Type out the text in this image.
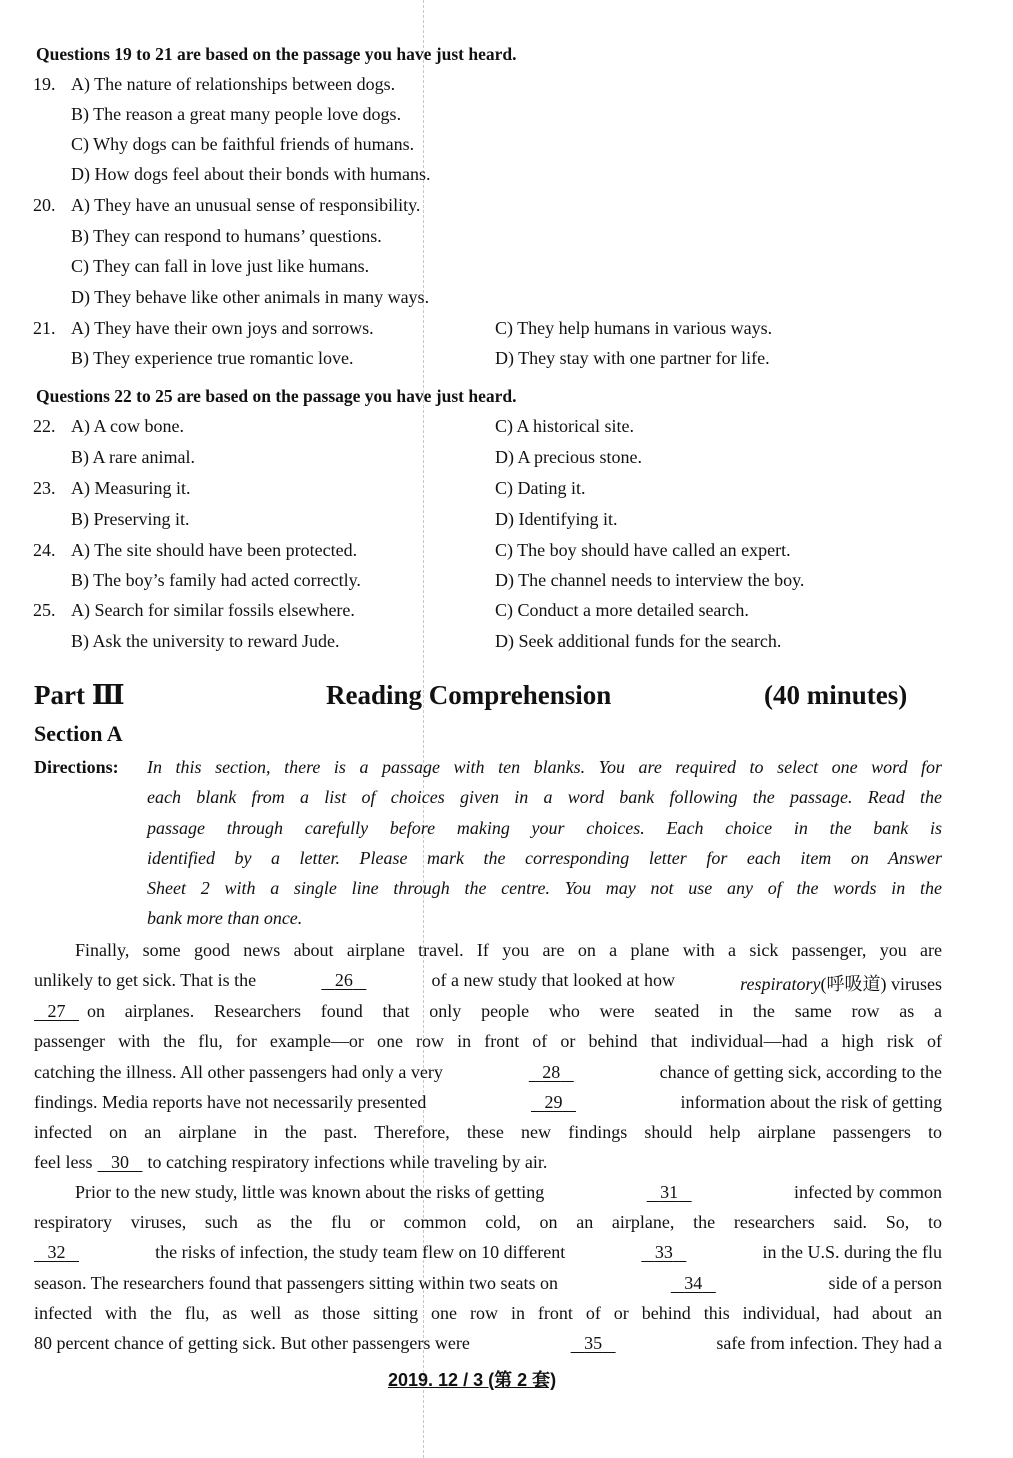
Questions 19 to 21 are based on the passage you have just heard.
19. A) The nature of relationships between dogs.
B) The reason a great many people love dogs.
C) Why dogs can be faithful friends of humans.
D) How dogs feel about their bonds with humans.
20. A) They have an unusual sense of responsibility.
B) They can respond to humans’ questions.
C) They can fall in love just like humans.
D) They behave like other animals in many ways.
21. A) They have their own joys and sorrows.
B) They experience true romantic love.
C) They help humans in various ways.
D) They stay with one partner for life.
Questions 22 to 25 are based on the passage you have just heard.
22. A) A cow bone.
B) A rare animal.
C) A historical site.
D) A precious stone.
23. A) Measuring it.
B) Preserving it.
C) Dating it.
D) Identifying it.
24. A) The site should have been protected.
B) The boy’s family had acted correctly.
C) The boy should have called an expert.
D) The channel needs to interview the boy.
25. A) Search for similar fossils elsewhere.
B) Ask the university to reward Jude.
C) Conduct a more detailed search.
D) Seek additional funds for the search.
Part Ⅲ	Reading Comprehension	(40 minutes)
Section A
Directions: In this section, there is a passage with ten blanks. You are required to select one word for
each blank from a list of choices given in a word bank following the passage. Read the
passage through carefully before making your choices. Each choice in the bank is
identified by a letter. Please mark the corresponding letter for each item on Answer
Sheet 2 with a single line through the centre. You may not use any of the words in the
bank more than once.
Finally, some good news about airplane travel. If you are on a plane with a sick passenger, you are
unlikely to get sick. That is the	26	of a new study that looked at how	respiratory(呼吸道) viruses
27	on airplanes. Researchers found that only people who were seated in the same row as a
passenger with the flu, for example—or one row in front of or behind that individual—had a high risk of
catching the illness. All other passengers had only a very	28	chance of getting sick, according to the
findings. Media reports have not necessarily presented	29	information about the risk of getting
infected on an airplane in the past. Therefore, these new findings should help airplane passengers to
feel less	30	to catching respiratory infections while traveling by air.
Prior to the new study, little was known about the risks of getting	31	infected by common
respiratory viruses, such as the flu or common cold, on an airplane, the researchers said. So, to
32	the risks of infection, the study team flew on 10 different	33	in the U.S. during the flu
season. The researchers found that passengers sitting within two seats on	34	side of a person
infected with the flu, as well as those sitting one row in front of or behind this individual, had about an
80 percent chance of getting sick. But other passengers were	35	safe from infection. They had a
2019. 12 / 3 (第 2 套)
